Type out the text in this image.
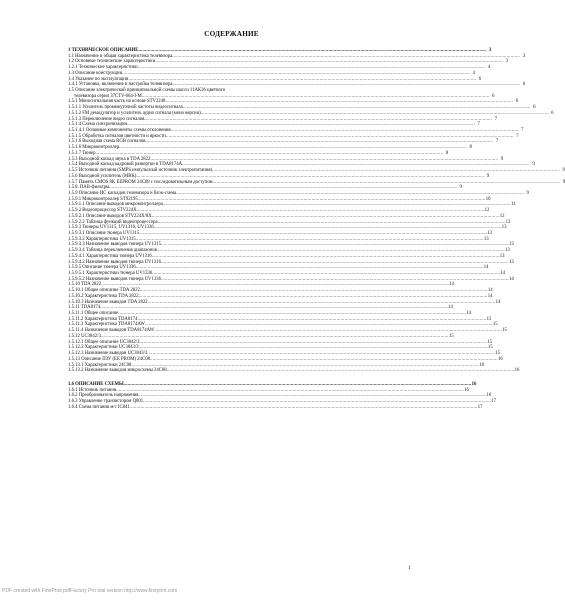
СОДЕРЖАНИЕ
1 ТЕХНИЧЕСКОЕ ОПИСАНИЕ .....	3
1.1 Назначение и общая характеристика телевизора .....	3
1.2 Основные технические характеристики .....	3
1.2.1 Технические характеристики .....	4
1.3 Описание конструкции .....	4
1.4 Указание по эксплуатации .....	6
1.4.1 Установка, включение и настройка телевизора .....	6
1.5 Описание электрической принципиальной схемы шасси 11АК36 цветного
телевизора серии 37CTV-664-I-M .....	6
1.5.1 Моносигнальная часть на основе STV2248 .....	6
1.5.1.1 Усилитель промежуточной частоты видеосигнала .....	6
1.5.1.2 FM демодулятор и усилитель аудио сигнала (моно версии) .....	6
1.5.1.3 Переключение видео сигналов .....	7
1.5.1.4 Схема синхронизации .....	7
1.5.1.4.1 Основные компоненты схемы отклонения .....	7
1.5.1.5 Обработка сигналов цветности и яркости .....	7
1.5.1.6 Выходная схема RGB сигналов .....	7
1.5.1.6 Микроконтроллер .....	8
1.5.1.7 Тюнер .....	8
1.5.3 Выходной каскад звука в TDA 2822 .....	9
1.5.4 Выходной каскад кадровой развертки в TDA8174A .....	9
1.5.5 Источник питания (SMPS импульсный источник электропитания) .....	9
1.5.6 Выходной усилитель (MBK) .....	9
1.5.7 Память CMOS 8K EEPROM 24C08 с последовательным доступом .....	9
1.5.8. ПАВ-фильтры .....	9
1.5.9 Описание ИС каскадов телевизора и блок-схема .....	9
1.5.9.1 Микроконтроллер ST92195 .....	10
1.5.9.1.1 Описание выводов микроконтроллера .....	11
1.5.9.2 Видеопроцессор STV224X .....	12
1.5.9.2.1 Описание выводов STV224X/8X .....	12
1.5.9.2.2 Таблица функций видеопроцессора .....	13
1.5.9.3 Тюнеры UV1315, UV1316, UV1336 .....	13
1.5.9.3.1 Описание тюнера UV1315 .....	13
1.5.9.3.2 Характеристика UV1315 .....	13
1.5.9.3.3 Назначение выводов тюнера UV1315 .....	13
1.5.9.3.4 Таблица переключения диапазонов .....	13
1.5.9.4.1 Характеристика тюнера UV1316 .....	13
1.5.9.4.2 Назначение выводов тюнера UV1316 .....	13
1.5.9.5 Описание тюнера UV1336 .....	14
1.5.9.5.1 Характеристики тюнера UV1336 .....	14
1.5.9.5.2 Назначение выводов тюнера UV1336 .....	14
1.5.10 TDA 2822 .....	14
1.5.10.1 Общее описание TDA 2822 .....	14
1.5.10.2 Характеристика TDA 2822: .....	14
1.5.10.3 Назначение выводов TDA 2822 .....	14
1.5.11 TDA8174 .....	14
1.5.11.1 Общее описание .....	14
1.5.11.2 Характеристика TDA8174: .....	15
1.5.11.3 Характеристика TDA8174AW .....	15
1.5.11.4 Назначение выводов TDA8174AW .....	15
1.5.12 UC3842/3 .....	15
1.5.12.1 Общее описание UC3842/3 .....	15
1.5.12.2 Характеристики UC3843/3: .....	15
1.5.12.3 Назначение выводов UC3843/3 .....	15
1.5.13 Описание ПЗУ (EE PROM) 24C08 .....	16
1.5.13.1 Характеристики 24C08 .....	16
1.5.13.2 Назначение выводов микросхемы 24C08 .....	16
1.6 ОПИСАНИЕ СХЕМЫ .....	16
1.6.1 Источник питания .....	16
1.6.2 Преобразователь напряжения .....	16
1.6.3 Управление транзистором Q801 .....	17
1.6.4 Схема питания м/с IC841 .....	17
1
PDF created with FinePrint pdfFactory Pro trial version http://www.fineprint.com
